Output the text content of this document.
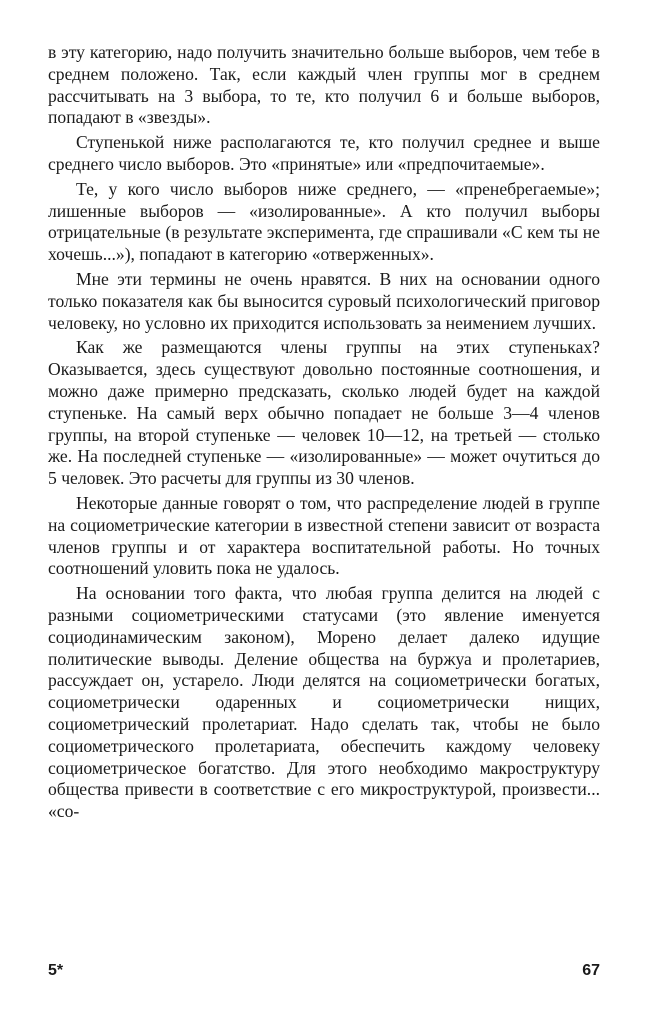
в эту категорию, надо получить значительно больше выборов, чем тебе в среднем положено. Так, если каждый член группы мог в среднем рассчитывать на 3 выбора, то те, кто получил 6 и больше выборов, попадают в «звезды».

Ступенькой ниже располагаются те, кто получил среднее и выше среднего число выборов. Это «принятые» или «предпочитаемые».

Те, у кого число выборов ниже среднего, — «пренебрегаемые»; лишенные выборов — «изолированные». А кто получил выборы отрицательные (в результате эксперимента, где спрашивали «С кем ты не хочешь...»), попадают в категорию «отверженных».

Мне эти термины не очень нравятся. В них на основании одного только показателя как бы выносится суровый психологический приговор человеку, но условно их приходится использовать за неимением лучших.

Как же размещаются члены группы на этих ступеньках? Оказывается, здесь существуют довольно постоянные соотношения, и можно даже примерно предсказать, сколько людей будет на каждой ступеньке. На самый верх обычно попадает не больше 3—4 членов группы, на второй ступеньке — человек 10—12, на третьей — столько же. На последней ступеньке — «изолированные» — может очутиться до 5 человек. Это расчеты для группы из 30 членов.

Некоторые данные говорят о том, что распределение людей в группе на социометрические категории в известной степени зависит от возраста членов группы и от характера воспитательной работы. Но точных соотношений уловить пока не удалось.

На основании того факта, что любая группа делится на людей с разными социометрическими статусами (это явление именуется социодинамическим законом), Морено делает далеко идущие политические выводы. Деление общества на буржуа и пролетариев, рассуждает он, устарело. Люди делятся на социометрически богатых, социометрически одаренных и социометрически нищих, социометрический пролетариат. Надо сделать так, чтобы не было социометрического пролетариата, обеспечить каждому человеку социометрическое богатство. Для этого необходимо макроструктуру общества привести в соответствие с его микроструктурой, произвести... «со-

5*	67
